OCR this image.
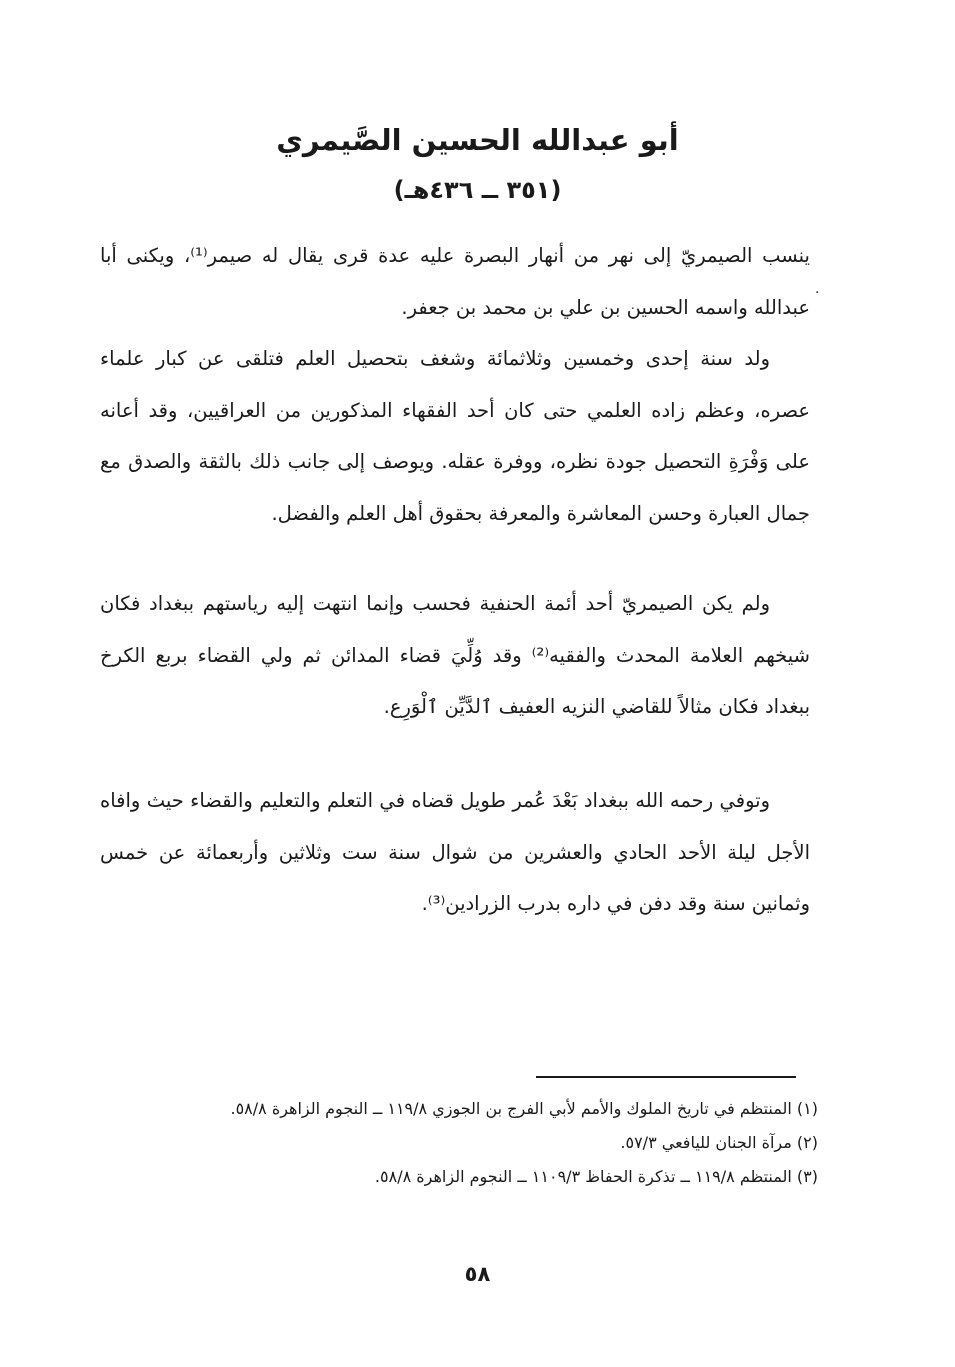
أبو عبدالله الحسين الصَّيمري
(٣٥١ ــ ٤٣٦هـ)

ينسب الصيمريّ إلى نهر من أنهار البصرة عليه عدة قرى يقال له صيمر⁽¹⁾، ويكنى أبا عبدالله واسمه الحسين بن علي بن محمد بن جعفر.

·

ولد سنة إحدى وخمسين وثلاثمائة وشغف بتحصيل العلم فتلقى عن كبار علماء عصره، وعظم زاده العلمي حتى كان أحد الفقهاء المذكورين من العراقيين، وقد أعانه على وَفْرَةِ التحصيل جودة نظره، ووفرة عقله. ويوصف إلى جانب ذلك بالثقة والصدق مع جمال العبارة وحسن المعاشرة والمعرفة بحقوق أهل العلم والفضل.

ولم يكن الصيمريّ أحد أئمة الحنفية فحسب وإنما انتهت إليه رياستهم ببغداد فكان شيخهم العلامة المحدث والفقيه⁽²⁾ وقد وُلِّيَ قضاء المدائن ثم ولي القضاء بربع الكرخ ببغداد فكان مثالاً للقاضي النزيه العفيف ٱلدَّيِّن ٱلْوَرِع.

وتوفي رحمه الله ببغداد بَعْدَ عُمر طويل قضاه في التعلم والتعليم والقضاء حيث وافاه الأجل ليلة الأحد الحادي والعشرين من شوال سنة ست وثلاثين وأربعمائة عن خمس وثمانين سنة وقد دفن في داره بدرب الزرادين⁽³⁾.

(١) المنتظم في تاريخ الملوك والأمم لأبي الفرج بن الجوزي ١١٩/٨ ــ النجوم الزاهرة ٥٨/٨.
(٢) مرآة الجنان لليافعي ٥٧/٣.
(٣) المنتظم ١١٩/٨ ــ تذكرة الحفاظ ١١٠٩/٣ ــ النجوم الزاهرة ٥٨/٨.
٥٨
